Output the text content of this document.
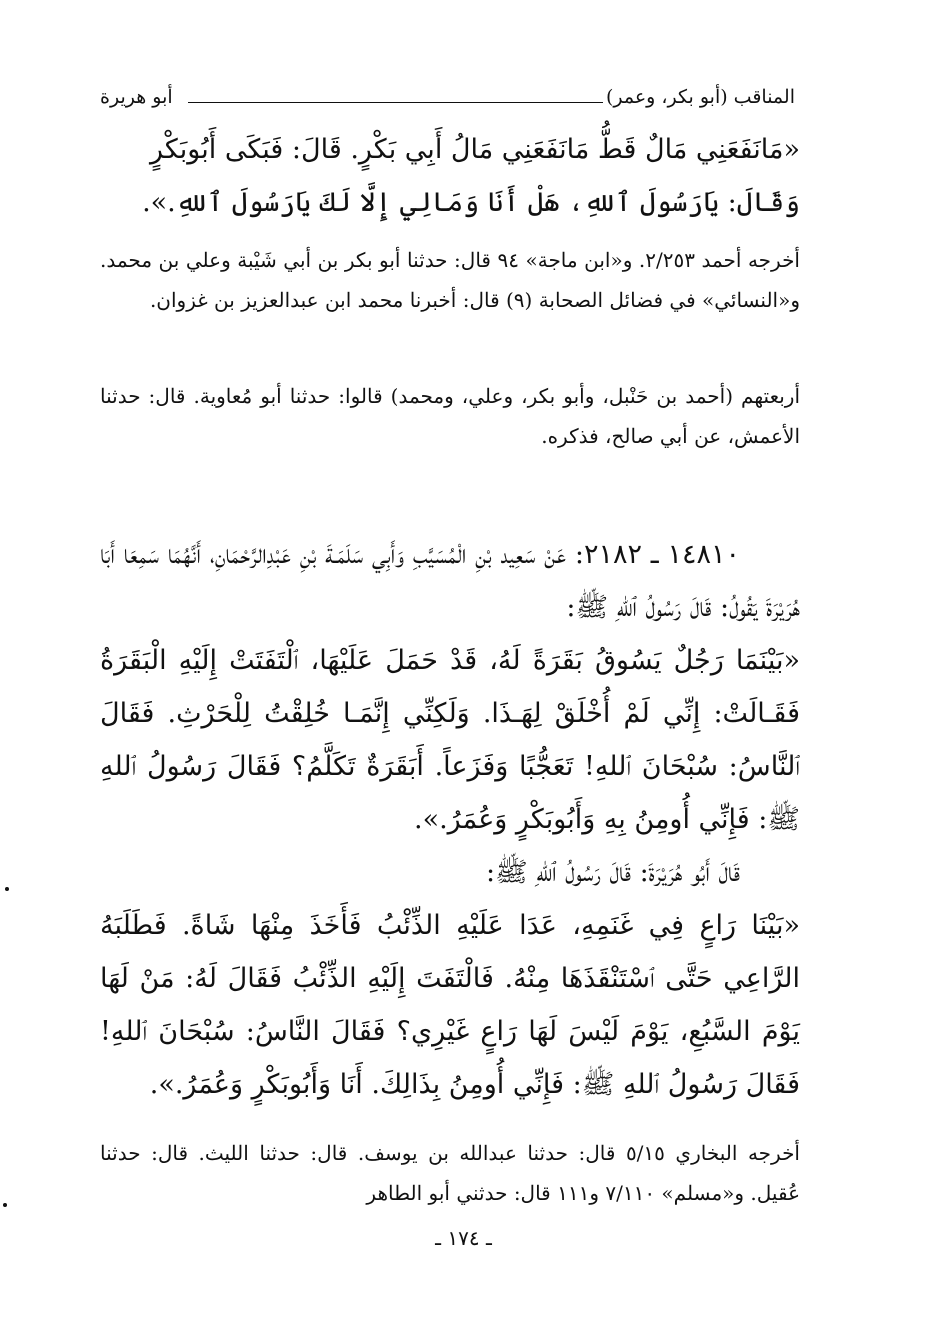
المناقب (أبو بكر، وعمر)
أبو هريرة

«مَانَفَعَنِي مَالٌ قَطُّ مَانَفَعَنِي مَالُ أَبِي بَكْرٍ. قَالَ: فَبَكَى أَبُوبَكْرٍ

وَقَالَ: يَارَسُولَ ٱللهِ، هَلْ أَنَا وَمَالِي إِلَّا لَكَ يَارَسُولَ ٱللهِ.».

أخرجه أحمد ٢/٢٥٣. و«ابن ماجة» ٩٤ قال: حدثنا أبو بكر بن أبي شَيْبة وعلي بن محمد. و«النسائي» في فضائل الصحابة (٩) قال: أخبرنا محمد ابن عبدالعزيز بن غزوان.

أربعتهم (أحمد بن حَنْبل، وأبو بكر، وعلي، ومحمد) قالوا: حدثنا أبو مُعاوية. قال: حدثنا الأعمش، عن أبي صالح، فذكره.

١٤٨١٠ ـ ٢١٨٢: عَنْ سَعِيد بْنِ الْمُسَيَّبِ وَأَبِي سَلَمَـةَ بْنِ عَبْدِالرَّحْمَانِ، أَنَّهُمَا سَمِعَا أَبَا هُرَيْرَةَ يَقُولُ: قَالَ رَسُولُ ٱللهِ ﷺ:

«بَيْنَمَا رَجُلٌ يَسُوقُ بَقَرَةً لَهُ، قَدْ حَمَلَ عَلَيْهَا، ٱلْتَفَتَتْ إِلَيْهِ الْبَقَرَةُ فَقَـالَتْ: إِنِّي لَمْ أُخْلَقْ لِهَـذَا. وَلَكِنِّي إِنَّمَـا خُلِقْتُ لِلْحَرْثِ. فَقَالَ ٱلنَّاسُ: سُبْحَانَ ٱللهِ! تَعَجُّبًا وَفَزَعاً. أَبَقَرَةٌ تَكَلَّمُ؟ فَقَالَ رَسُولُ ٱللهِ ﷺ: فَإِنِّي أُومِنُ بِهِ وَأَبُوبَكْرٍ وَعُمَرُ.».

قَالَ أَبُو هُرَيْرَةَ: قَالَ رَسُولُ ٱللهِ ﷺ:

«بَيْنَا رَاعٍ فِي غَنَمِهِ، عَدَا عَلَيْهِ الذِّئْبُ فَأَخَذَ مِنْهَا شَاةً. فَطَلَبَهُ الرَّاعِي حَتَّى ٱسْتَنْقَذَهَا مِنْهُ. فَالْتَفَتَ إِلَيْهِ الذِّئْبُ فَقَالَ لَهُ: مَنْ لَهَا يَوْمَ السَّبُعِ، يَوْمَ لَيْسَ لَهَا رَاعٍ غَيْرِي؟ فَقَالَ النَّاسُ: سُبْحَانَ ٱللهِ! فَقَالَ رَسُولُ ٱللهِ ﷺ: فَإِنِّي أُومِنُ بِذَالِكَ. أَنَا وَأَبُوبَكْرٍ وَعُمَرُ.».

أخرجه البخاري ٥/١٥ قال: حدثنا عبدالله بن يوسف. قال: حدثنا الليث. قال: حدثنا عُقيل. و«مسلم» ٧/١١٠ و١١١ قال: حدثني أبو الطاهر

ـ ١٧٤ ـ
